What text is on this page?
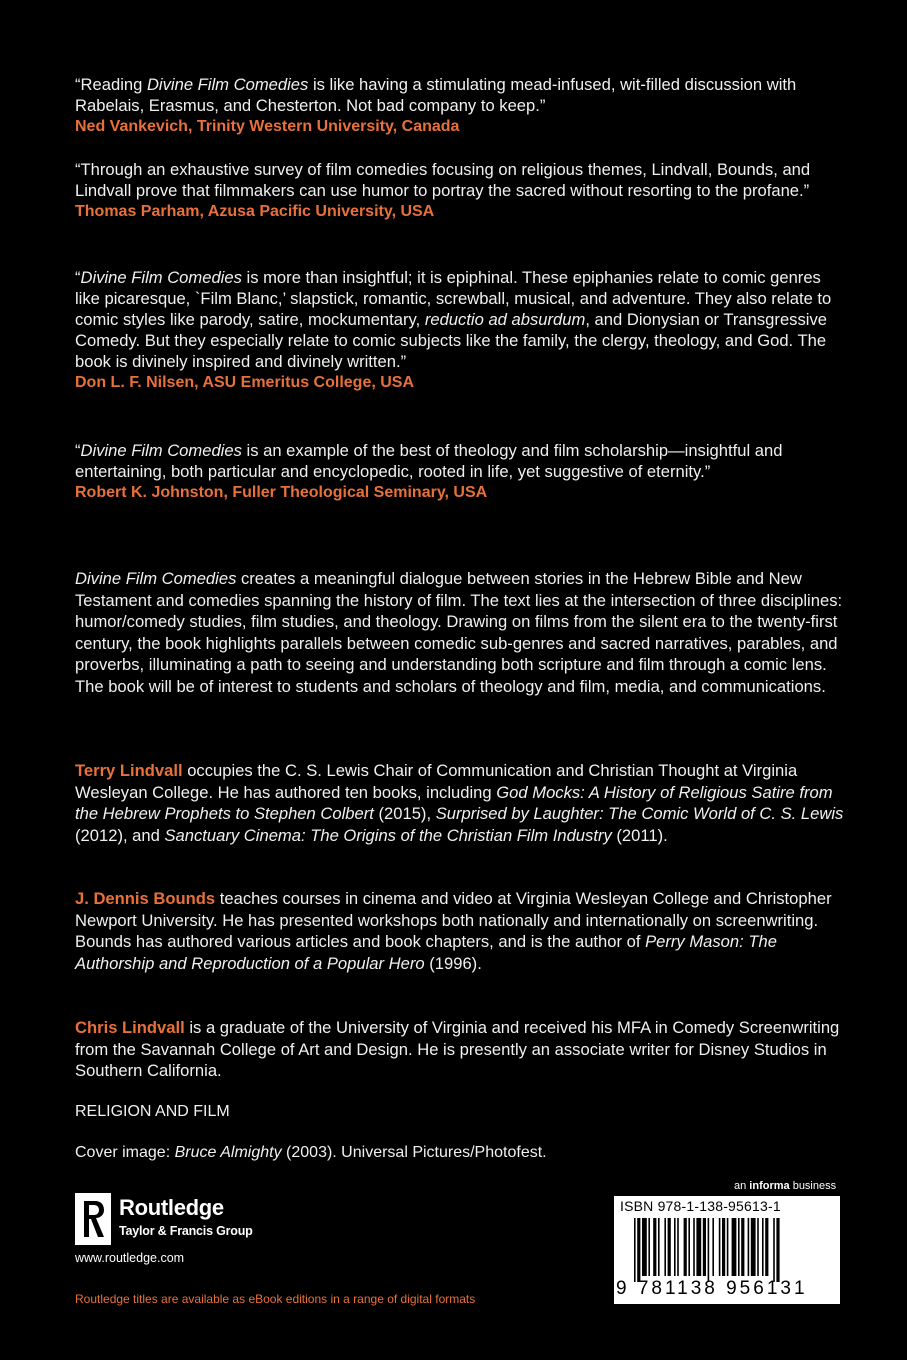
“Reading Divine Film Comedies is like having a stimulating mead-infused, wit-filled discussion with Rabelais, Erasmus, and Chesterton. Not bad company to keep.”
Ned Vankevich, Trinity Western University, Canada
“Through an exhaustive survey of film comedies focusing on religious themes, Lindvall, Bounds, and Lindvall prove that filmmakers can use humor to portray the sacred without resorting to the profane.”
Thomas Parham, Azusa Pacific University, USA
“Divine Film Comedies is more than insightful; it is epiphinal. These epiphanies relate to comic genres like picaresque, `Film Blanc,’ slapstick, romantic, screwball, musical, and adventure. They also relate to comic styles like parody, satire, mockumentary, reductio ad absurdum, and Dionysian or Transgressive Comedy. But they especially relate to comic subjects like the family, the clergy, theology, and God. The book is divinely inspired and divinely written.”
Don L. F. Nilsen, ASU Emeritus College, USA
“Divine Film Comedies is an example of the best of theology and film scholarship—insightful and entertaining, both particular and encyclopedic, rooted in life, yet suggestive of eternity.”
Robert K. Johnston, Fuller Theological Seminary, USA
Divine Film Comedies creates a meaningful dialogue between stories in the Hebrew Bible and New Testament and comedies spanning the history of film. The text lies at the intersection of three disciplines: humor/comedy studies, film studies, and theology. Drawing on films from the silent era to the twenty-first century, the book highlights parallels between comedic sub-genres and sacred narratives, parables, and proverbs, illuminating a path to seeing and understanding both scripture and film through a comic lens. The book will be of interest to students and scholars of theology and film, media, and communications.
Terry Lindvall occupies the C. S. Lewis Chair of Communication and Christian Thought at Virginia Wesleyan College. He has authored ten books, including God Mocks: A History of Religious Satire from the Hebrew Prophets to Stephen Colbert (2015), Surprised by Laughter: The Comic World of C. S. Lewis (2012), and Sanctuary Cinema: The Origins of the Christian Film Industry (2011).
J. Dennis Bounds teaches courses in cinema and video at Virginia Wesleyan College and Christopher Newport University. He has presented workshops both nationally and internationally on screenwriting. Bounds has authored various articles and book chapters, and is the author of Perry Mason: The Authorship and Reproduction of a Popular Hero (1996).
Chris Lindvall is a graduate of the University of Virginia and received his MFA in Comedy Screenwriting from the Savannah College of Art and Design. He is presently an associate writer for Disney Studios in Southern California.
RELIGION AND FILM
Cover image: Bruce Almighty (2003). Universal Pictures/Photofest.
Routledge
Taylor & Francis Group
www.routledge.com
Routledge titles are available as eBook editions in a range of digital formats
an informa business
ISBN 978-1-138-95613-1
9 781138 956131
